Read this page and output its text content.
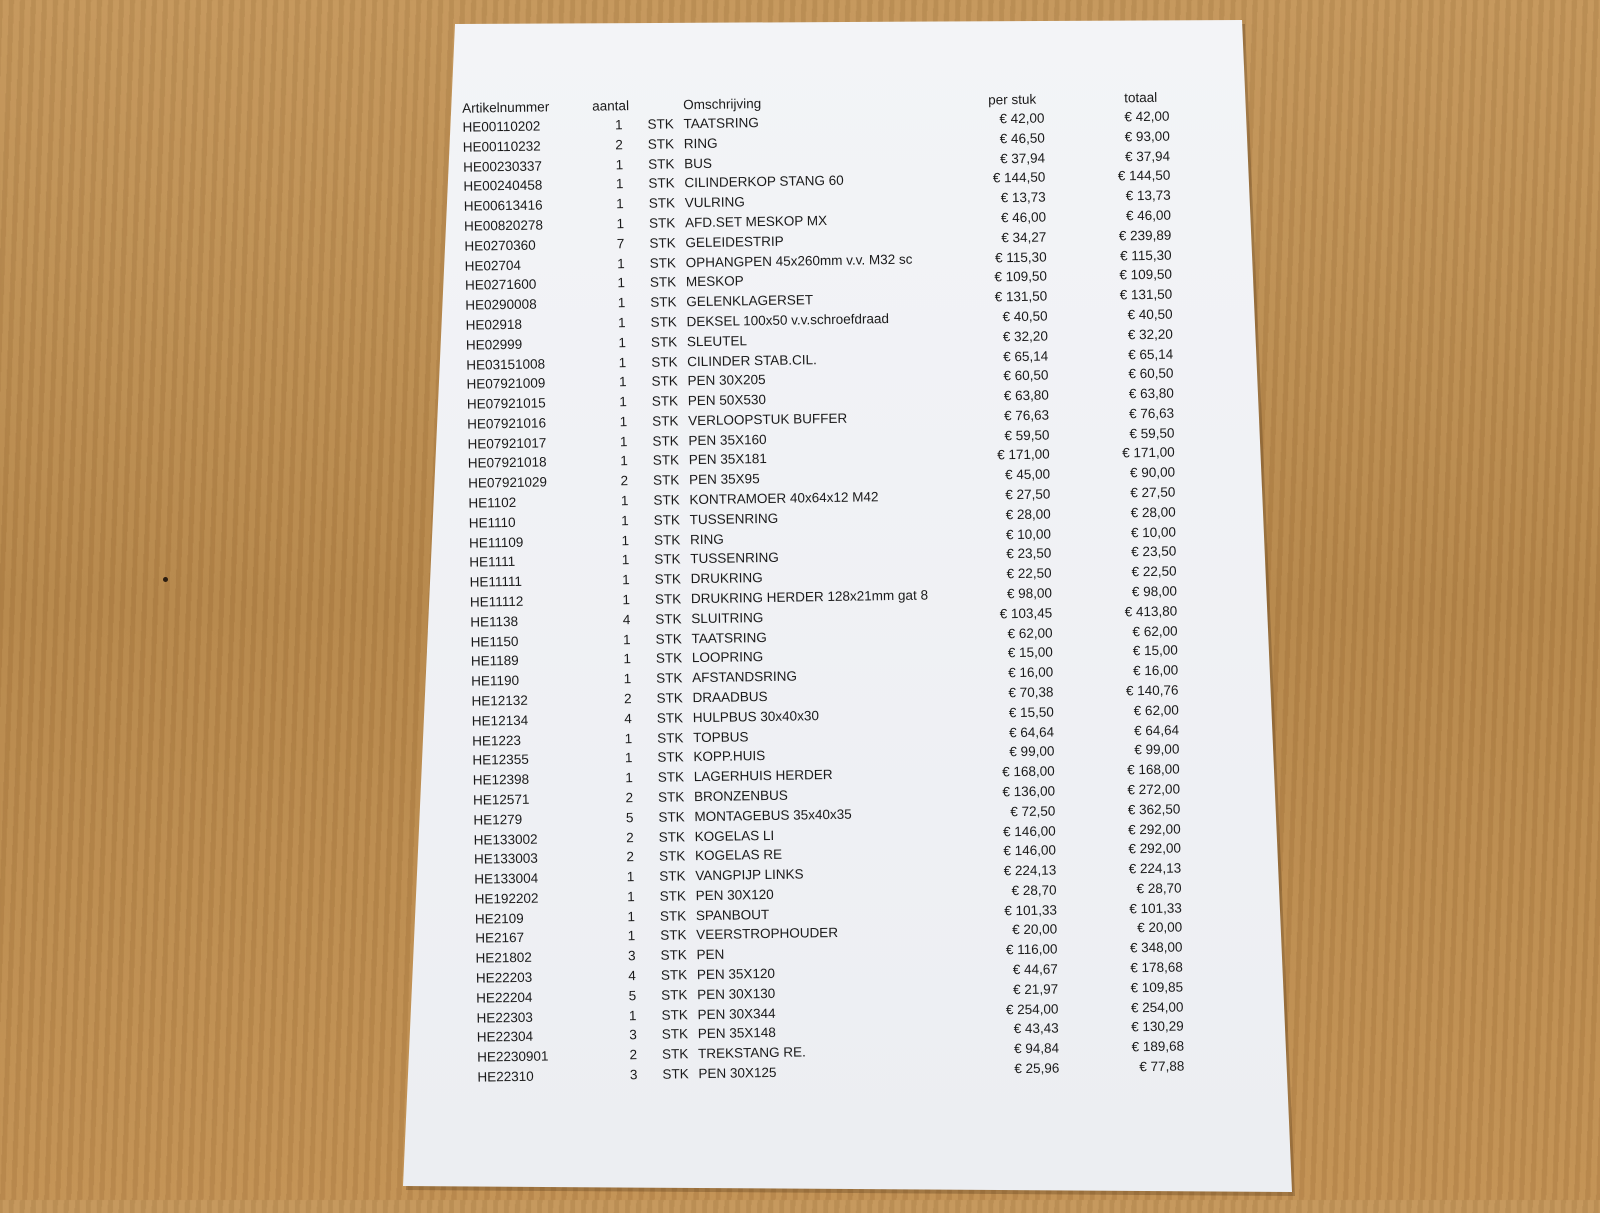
Artikelnummer	aantal	Omschrijving	per stuk	totaal
HE00110202	1 STK TAATSRING	€ 42,00	€ 42,00
HE00110232	2 STK RING	€ 46,50	€ 93,00
HE00230337	1 STK BUS	€ 37,94	€ 37,94
HE00240458	1 STK CILINDERKOP STANG 60	€ 144,50	€ 144,50
HE00613416	1 STK VULRING	€ 13,73	€ 13,73
HE00820278	1 STK AFD.SET MESKOP MX	€ 46,00	€ 46,00
HE0270360	7 STK GELEIDESTRIP	€ 34,27	€ 239,89
HE02704	1 STK OPHANGPEN 45x260mm v.v. M32 sc	€ 115,30	€ 115,30
HE0271600	1 STK MESKOP	€ 109,50	€ 109,50
HE0290008	1 STK GELENKLAGERSET	€ 131,50	€ 131,50
HE02918	1 STK DEKSEL 100x50 v.v.schroefdraad	€ 40,50	€ 40,50
HE02999	1 STK SLEUTEL	€ 32,20	€ 32,20
HE03151008	1 STK CILINDER STAB.CIL.	€ 65,14	€ 65,14
HE07921009	1 STK PEN 30X205	€ 60,50	€ 60,50
HE07921015	1 STK PEN 50X530	€ 63,80	€ 63,80
HE07921016	1 STK VERLOOPSTUK BUFFER	€ 76,63	€ 76,63
HE07921017	1 STK PEN 35X160	€ 59,50	€ 59,50
HE07921018	1 STK PEN 35X181	€ 171,00	€ 171,00
HE07921029	2 STK PEN 35X95	€ 45,00	€ 90,00
HE1102	1 STK KONTRAMOER 40x64x12 M42	€ 27,50	€ 27,50
HE1110	1 STK TUSSENRING	€ 28,00	€ 28,00
HE11109	1 STK RING	€ 10,00	€ 10,00
HE1111	1 STK TUSSENRING	€ 23,50	€ 23,50
HE11111	1 STK DRUKRING	€ 22,50	€ 22,50
HE11112	1 STK DRUKRING HERDER 128x21mm gat 8	€ 98,00	€ 98,00
HE1138	4 STK SLUITRING	€ 103,45	€ 413,80
HE1150	1 STK TAATSRING	€ 62,00	€ 62,00
HE1189	1 STK LOOPRING	€ 15,00	€ 15,00
HE1190	1 STK AFSTANDSRING	€ 16,00	€ 16,00
HE12132	2 STK DRAADBUS	€ 70,38	€ 140,76
HE12134	4 STK HULPBUS 30x40x30	€ 15,50	€ 62,00
HE1223	1 STK TOPBUS	€ 64,64	€ 64,64
HE12355	1 STK KOPP.HUIS	€ 99,00	€ 99,00
HE12398	1 STK LAGERHUIS HERDER	€ 168,00	€ 168,00
HE12571	2 STK BRONZENBUS	€ 136,00	€ 272,00
HE1279	5 STK MONTAGEBUS 35x40x35	€ 72,50	€ 362,50
HE133002	2 STK KOGELAS LI	€ 146,00	€ 292,00
HE133003	2 STK KOGELAS RE	€ 146,00	€ 292,00
HE133004	1 STK VANGPIJP LINKS	€ 224,13	€ 224,13
HE192202	1 STK PEN 30X120	€ 28,70	€ 28,70
HE2109	1 STK SPANBOUT	€ 101,33	€ 101,33
HE2167	1 STK VEERSTROPHOUDER	€ 20,00	€ 20,00
HE21802	3 STK PEN	€ 116,00	€ 348,00
HE22203	4 STK PEN 35X120	€ 44,67	€ 178,68
HE22204	5 STK PEN 30X130	€ 21,97	€ 109,85
HE22303	1 STK PEN 30X344	€ 254,00	€ 254,00
HE22304	3 STK PEN 35X148	€ 43,43	€ 130,29
HE2230901	2 STK TREKSTANG RE.	€ 94,84	€ 189,68
HE22310	3 STK PEN 30X125	€ 25,96	€ 77,88
